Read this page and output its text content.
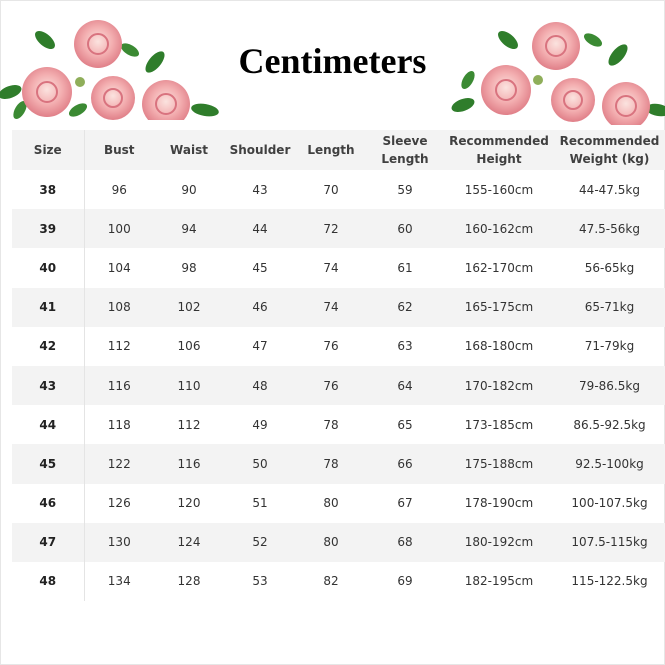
Centimeters
Size	Bust	Waist	Shoulder	Length	Sleeve Length	Recommended Height	Recommended Weight (kg)
38	96	90	43	70	59	155-160cm	44-47.5kg
39	100	94	44	72	60	160-162cm	47.5-56kg
40	104	98	45	74	61	162-170cm	56-65kg
41	108	102	46	74	62	165-175cm	65-71kg
42	112	106	47	76	63	168-180cm	71-79kg
43	116	110	48	76	64	170-182cm	79-86.5kg
44	118	112	49	78	65	173-185cm	86.5-92.5kg
45	122	116	50	78	66	175-188cm	92.5-100kg
46	126	120	51	80	67	178-190cm	100-107.5kg
47	130	124	52	80	68	180-192cm	107.5-115kg
48	134	128	53	82	69	182-195cm	115-122.5kg
